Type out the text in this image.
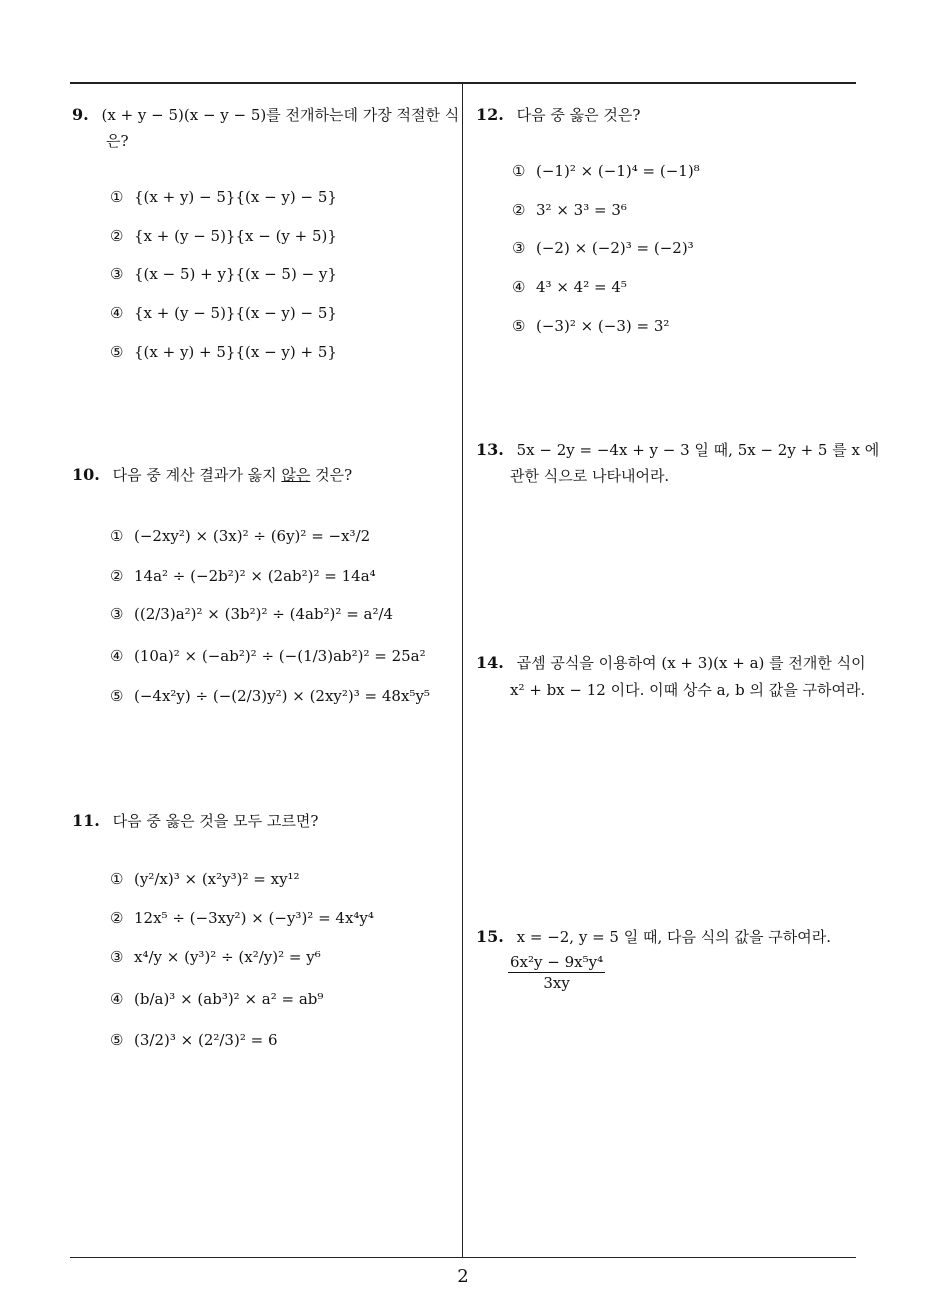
9. (x + y − 5)(x − y − 5)를 전개하는데 가장 적절한 식
은?
① {(x + y) − 5}{(x − y) − 5}
② {x + (y − 5)}{x − (y + 5)}
③ {(x − 5) + y}{(x − 5) − y}
④ {x + (y − 5)}{(x − y) − 5}
⑤ {(x + y) + 5}{(x − y) + 5}
10. 다음 중 계산 결과가 옳지 않은 것은?
① (−2xy²) × (3x)² ÷ (6y)² = −x³/2
② 14a² ÷ (−2b²)² × (2ab²)² = 14a⁴
③ ((2/3)a²)² × (3b²)² ÷ (4ab²)² = a²/4
④ (10a)² × (−ab²)² ÷ (−(1/3)ab²)² = 25a²
⑤ (−4x²y) ÷ (−(2/3)y²) × (2xy²)³ = 48x⁵y⁵
11. 다음 중 옳은 것을 모두 고르면?
① (y²/x)³ × (x²y³)² = xy¹²
② 12x⁵ ÷ (−3xy²) × (−y³)² = 4x⁴y⁴
③ x⁴/y × (y³)² ÷ (x²/y)² = y⁶
④ (b/a)³ × (ab³)² × a² = ab⁹
⑤ (3/2)³ × (2²/3)² = 6
12. 다음 중 옳은 것은?
① (−1)² × (−1)⁴ = (−1)⁸
② 3² × 3³ = 3⁶
③ (−2) × (−2)³ = (−2)³
④ 4³ × 4² = 4⁵
⑤ (−3)² × (−3) = 3²
13. 5x − 2y = −4x + y − 3 일 때, 5x − 2y + 5 를 x 에
관한 식으로 나타내어라.
14. 곱셈 공식을 이용하여 (x + 3)(x + a) 를 전개한 식이
x² + bx − 12 이다. 이때 상수 a, b 의 값을 구하여라.
15. x = −2, y = 5 일 때, 다음 식의 값을 구하여라.
$\frac{\text{6x²y − 9x⁵y⁴}}{3xy}$
2
